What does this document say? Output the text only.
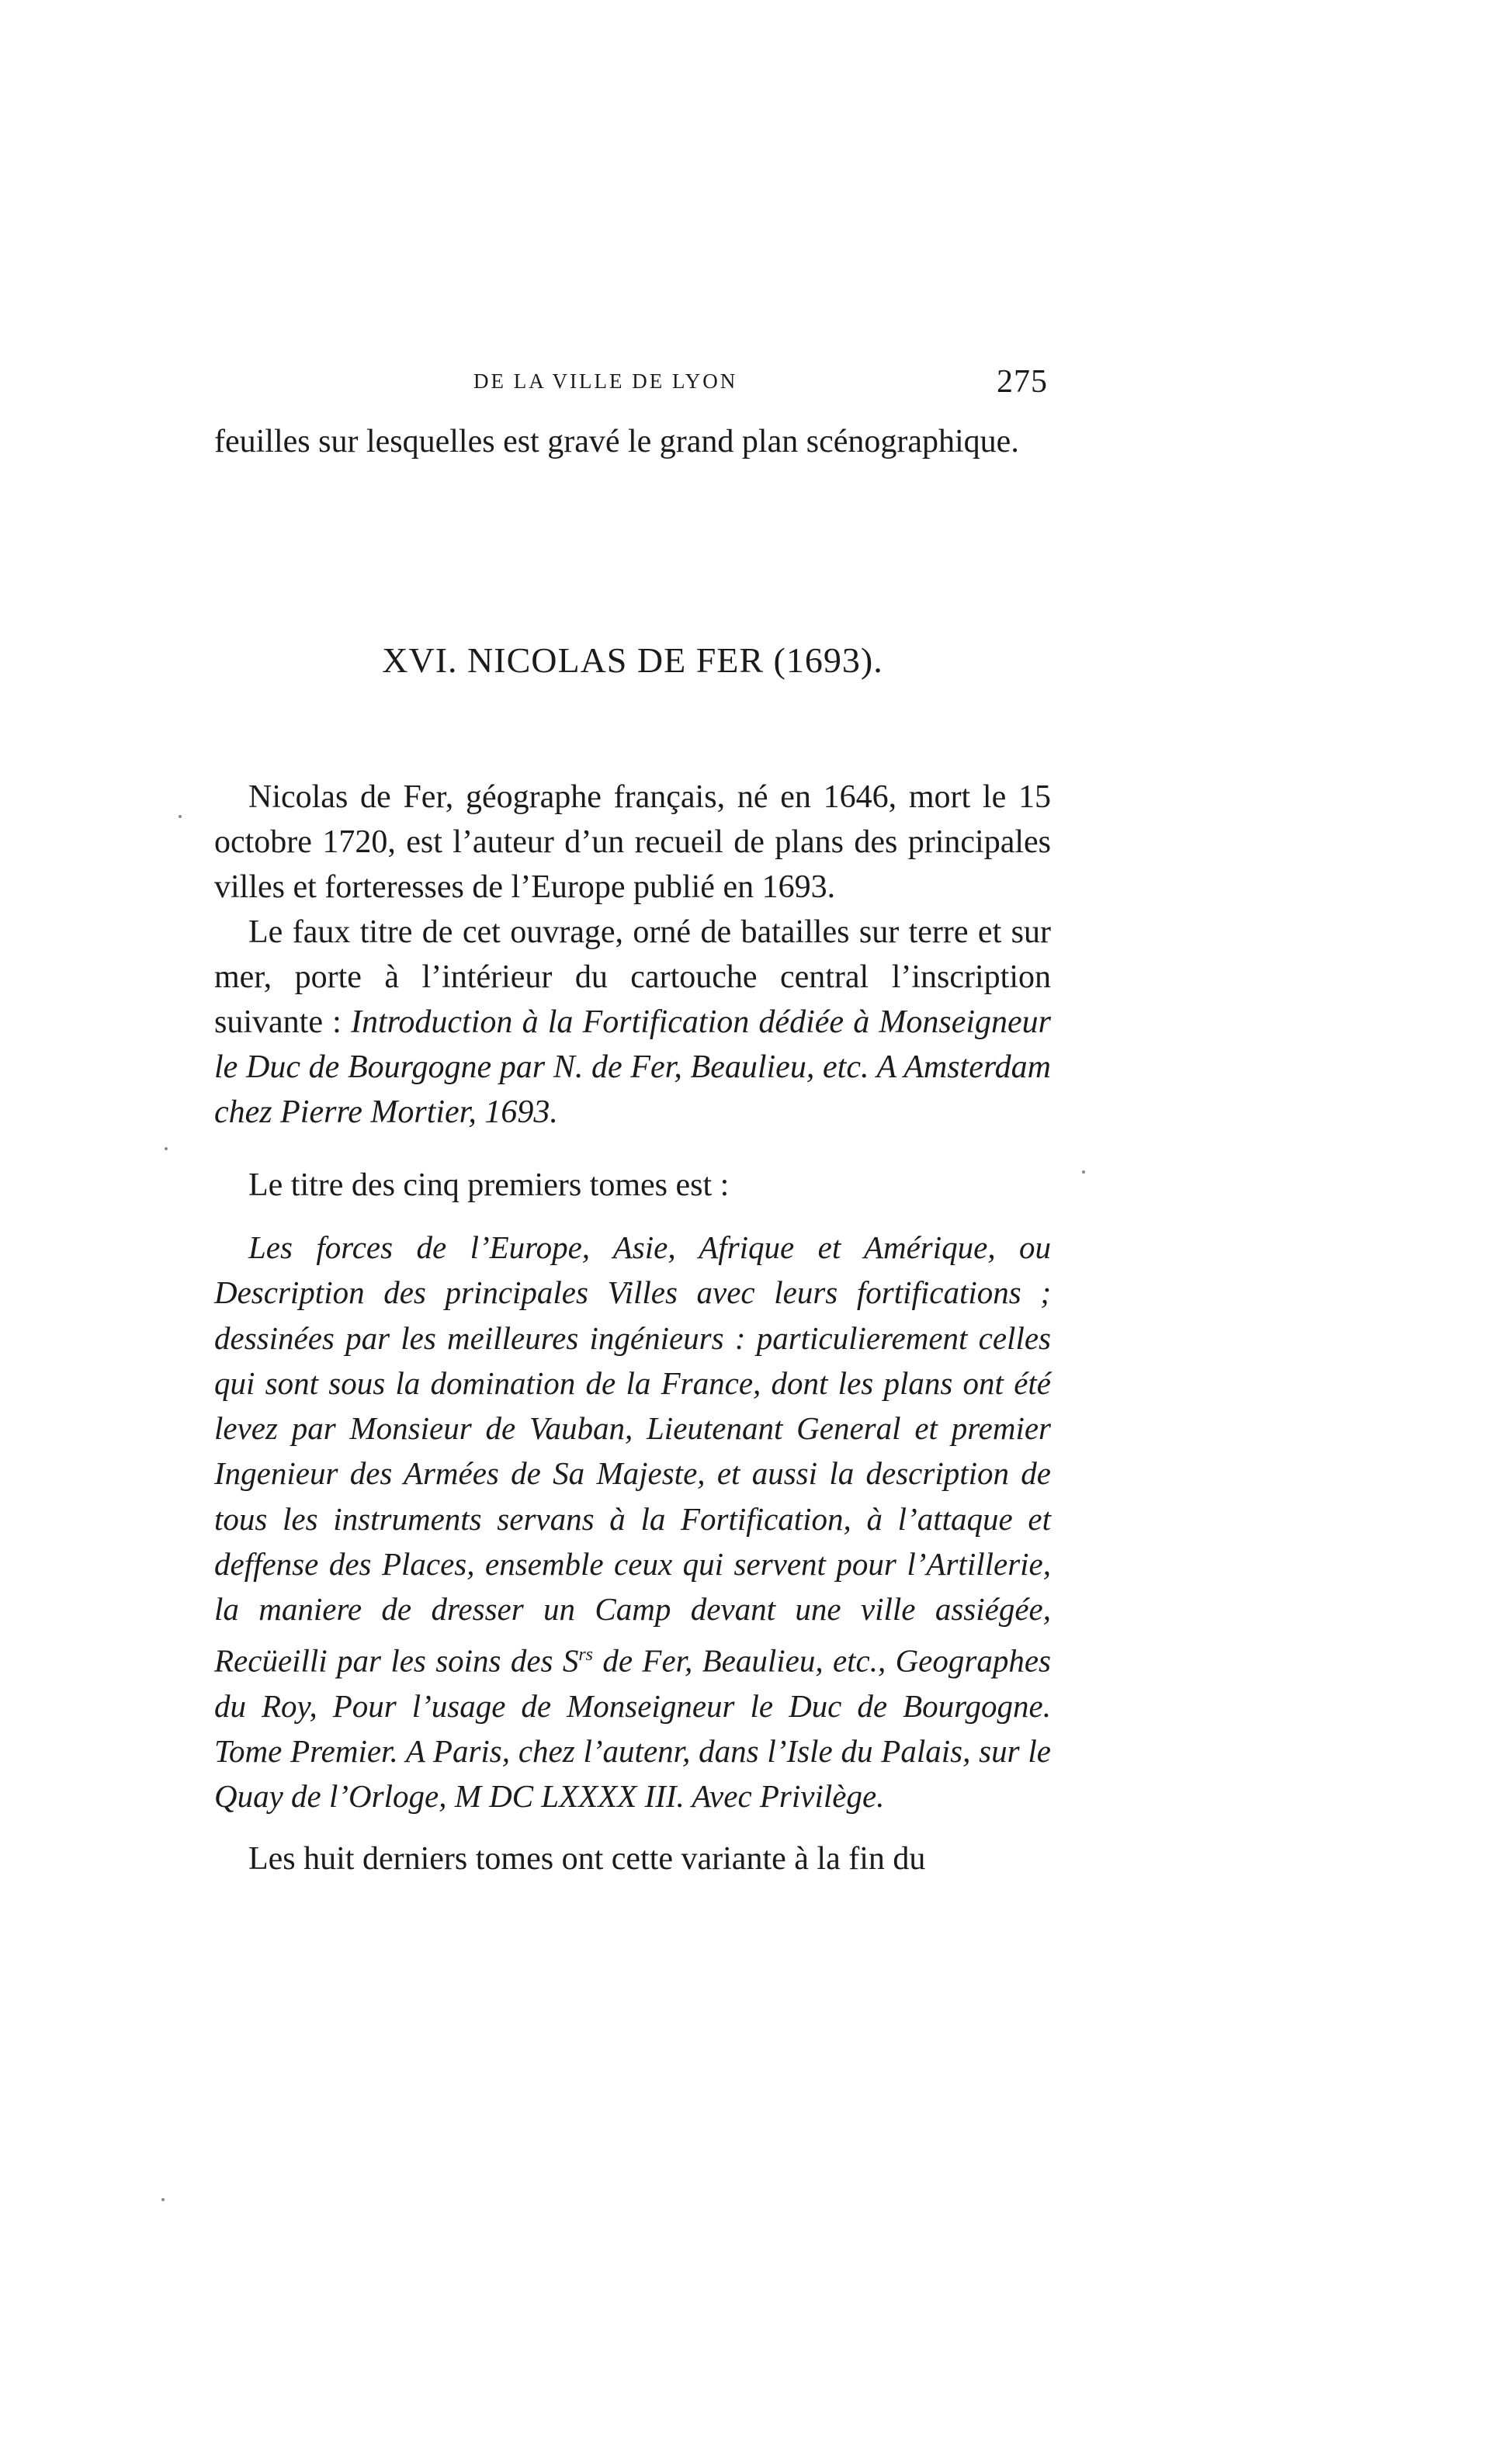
DE LA VILLE DE LYON	275

feuilles sur lesquelles est gravé le grand plan scénographique.

XVI. NICOLAS DE FER (1693).

Nicolas de Fer, géographe français, né en 1646, mort le 15 octobre 1720, est l’auteur d’un recueil de plans des principales villes et forteresses de l’Europe publié en 1693.

Le faux titre de cet ouvrage, orné de batailles sur terre et sur mer, porte à l’intérieur du cartouche central l’inscription suivante : Introduction à la Fortification dédiée à Monseigneur le Duc de Bourgogne par N. de Fer, Beaulieu, etc. A Amsterdam chez Pierre Mortier, 1693.

Le titre des cinq premiers tomes est :

Les forces de l’Europe, Asie, Afrique et Amérique, ou Description des principales Villes avec leurs fortifications ; dessinées par les meilleures ingénieurs : particulierement celles qui sont sous la domination de la France, dont les plans ont été levez par Monsieur de Vauban, Lieutenant General et premier Ingenieur des Armées de Sa Majeste, et aussi la description de tous les instruments servans à la Fortification, à l’attaque et deffense des Places, ensemble ceux qui servent pour l’Artillerie, la maniere de dresser un Camp devant une ville assiégée, Recüeilli par les soins des $S^{rs}$ de Fer, Beaulieu, etc., Geographes du Roy, Pour l’usage de Monseigneur le Duc de Bourgogne. Tome Premier. A Paris, chez l’autenr, dans l’Isle du Palais, sur le Quay de l’Orloge, M DC LXXXX III. Avec Privilège.

Les huit derniers tomes ont cette variante à la fin du
